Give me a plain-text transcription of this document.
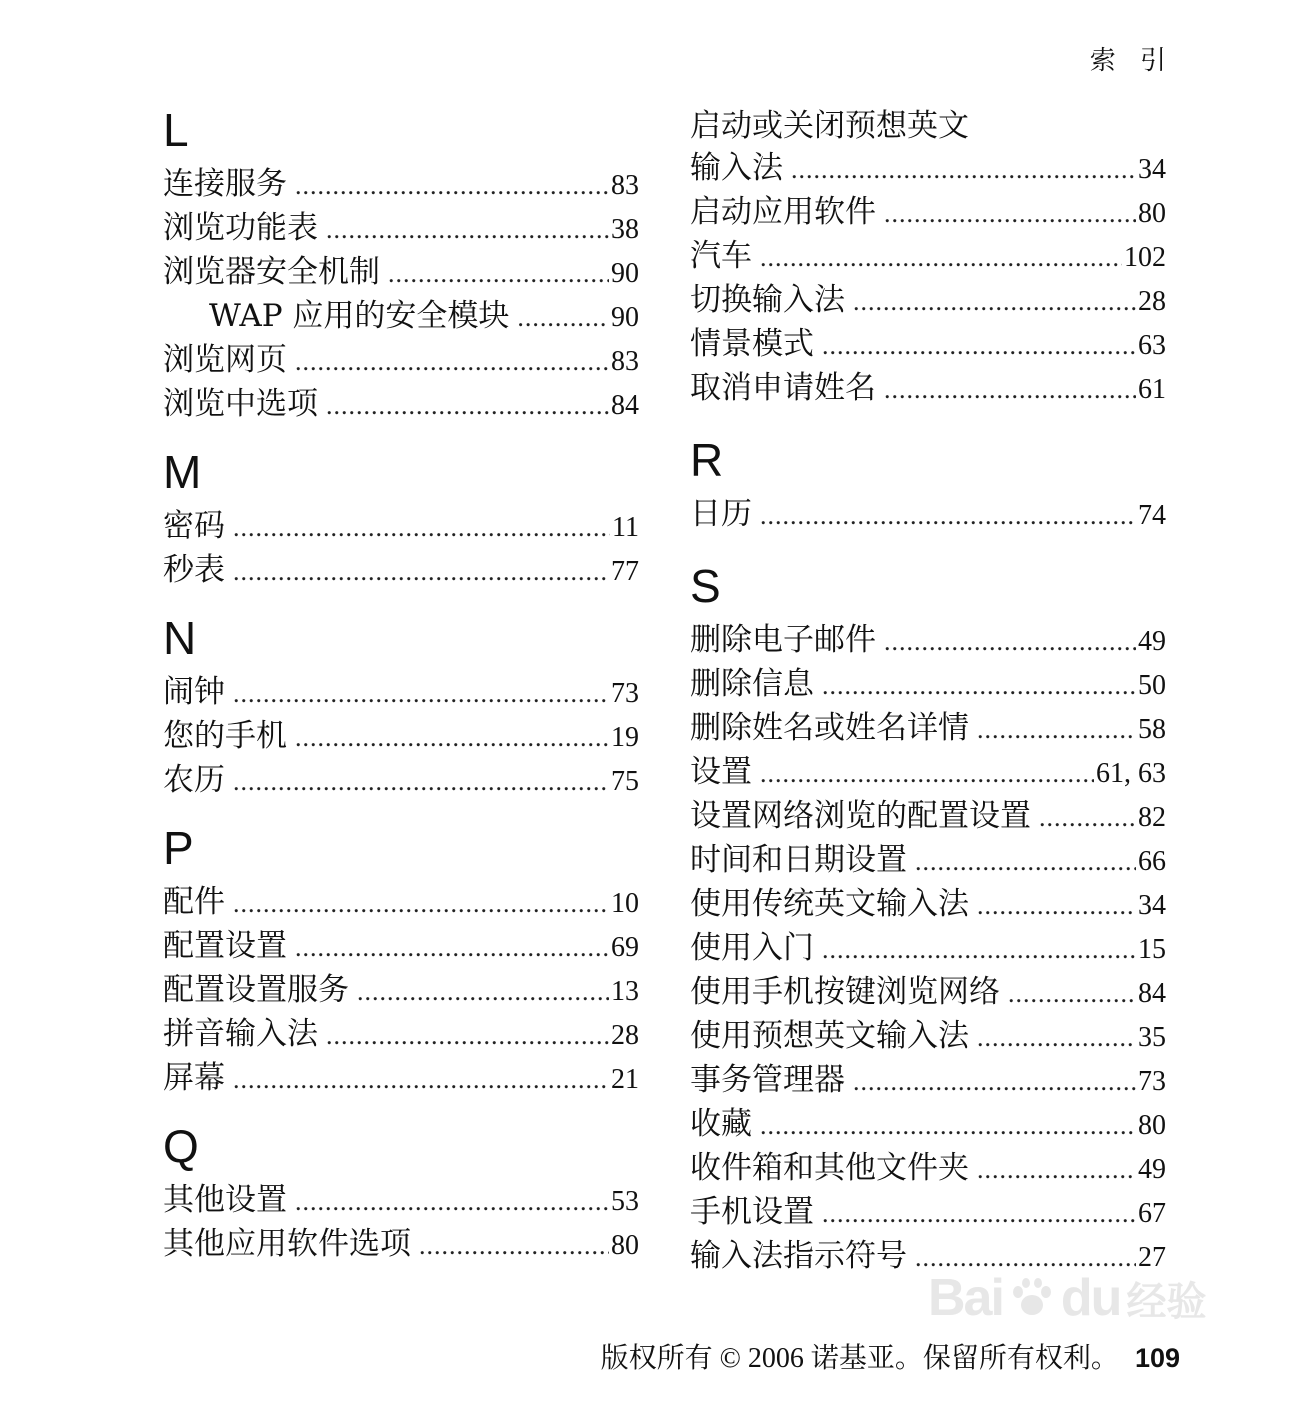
索 引
L
连接服务 .....	83
浏览功能表 .....	38
浏览器安全机制 .....	90
WAP 应用的安全模块 .....	90
浏览网页 .....	83
浏览中选项 .....	84
M
密码 .....	11
秒表 .....	77
N
闹钟 .....	73
您的手机 .....	19
农历 .....	75
P
配件 .....	10
配置设置 .....	69
配置设置服务 .....	13
拼音输入法 .....	28
屏幕 .....	21
Q
其他设置 .....	53
其他应用软件选项 .....	80
启动或关闭预想英文
输入法 .....	34
启动应用软件 .....	80
汽车 .....	102
切换输入法 .....	28
情景模式 .....	63
取消申请姓名 .....	61
R
日历 .....	74
S
删除电子邮件 .....	49
删除信息 .....	50
删除姓名或姓名详情 .....	58
设置 .....	61, 63
设置网络浏览的配置设置 .....	82
时间和日期设置 .....	66
使用传统英文输入法 .....	34
使用入门 .....	15
使用手机按键浏览网络 .....	84
使用预想英文输入法 .....	35
事务管理器 .....	73
收藏 .....	80
收件箱和其他文件夹 .....	49
手机设置 .....	67
输入法指示符号 .....	27
Bai du 经验
版权所有 © 2006 诺基亚。保留所有权利。 109
